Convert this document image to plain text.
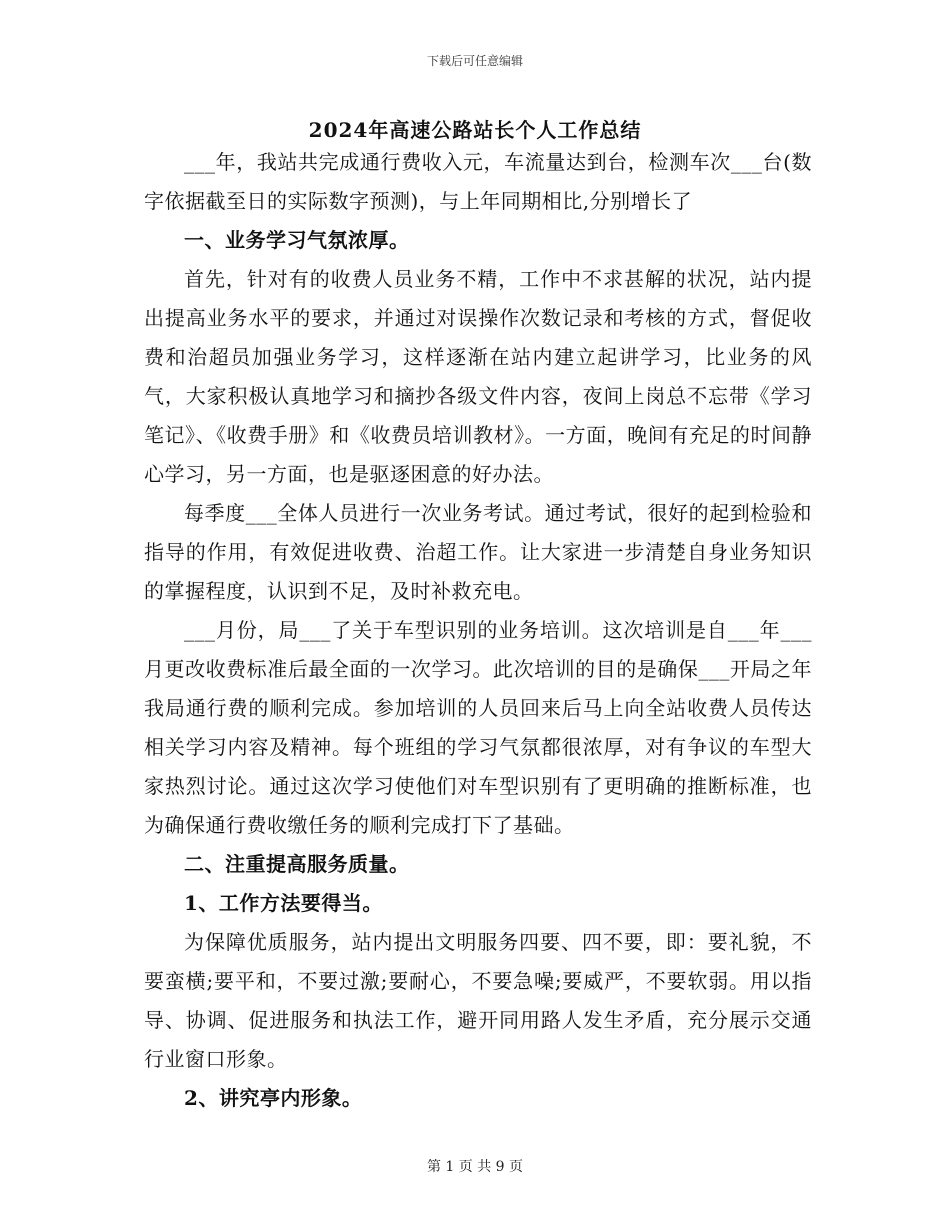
下载后可任意编辑
2024年高速公路站长个人工作总结

___年，我站共完成通行费收入元，车流量达到台，检测车次___台(数字依据截至日的实际数字预测)，与上年同期相比,分别增长了

一、业务学习气氛浓厚。

首先，针对有的收费人员业务不精，工作中不求甚解的状况，站内提出提高业务水平的要求，并通过对误操作次数记录和考核的方式，督促收费和治超员加强业务学习，这样逐渐在站内建立起讲学习，比业务的风气，大家积极认真地学习和摘抄各级文件内容，夜间上岗总不忘带《学习笔记》、《收费手册》和《收费员培训教材》。一方面，晚间有充足的时间静心学习，另一方面，也是驱逐困意的好办法。

每季度___全体人员进行一次业务考试。通过考试，很好的起到检验和指导的作用，有效促进收费、治超工作。让大家进一步清楚自身业务知识的掌握程度，认识到不足，及时补救充电。

___月份，局___了关于车型识别的业务培训。这次培训是自___年___月更改收费标准后最全面的一次学习。此次培训的目的是确保___开局之年我局通行费的顺利完成。参加培训的人员回来后马上向全站收费人员传达相关学习内容及精神。每个班组的学习气氛都很浓厚，对有争议的车型大家热烈讨论。通过这次学习使他们对车型识别有了更明确的推断标准，也为确保通行费收缴任务的顺利完成打下了基础。

二、注重提高服务质量。

1、工作方法要得当。

为保障优质服务，站内提出文明服务四要、四不要，即：要礼貌，不要蛮横;要平和，不要过激;要耐心，不要急噪;要威严，不要软弱。用以指导、协调、促进服务和执法工作，避开同用路人发生矛盾，充分展示交通行业窗口形象。

2、讲究亭内形象。

第 1 页 共 9 页
